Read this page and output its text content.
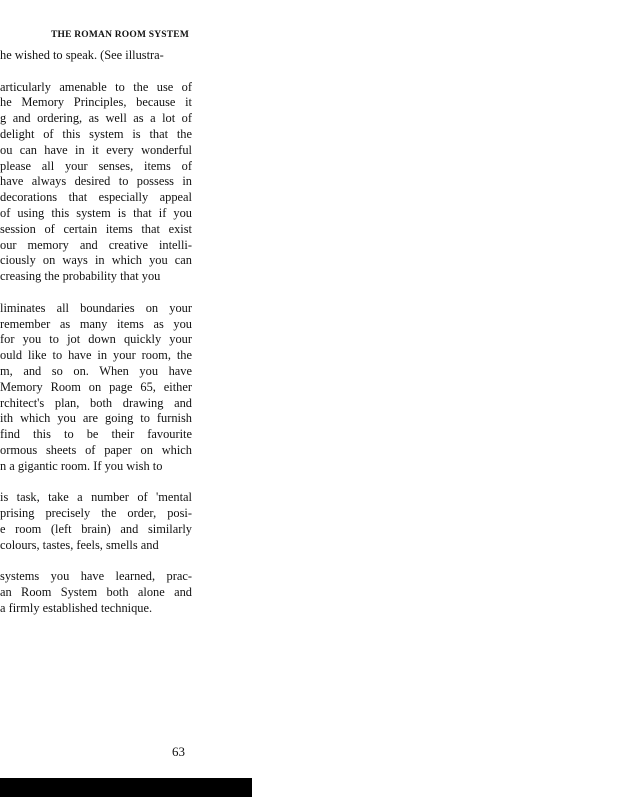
THE ROMAN ROOM SYSTEM
he wished to speak. (See illustra-
articularly amenable to the use of
he Memory Principles, because it
g and ordering, as well as a lot of
delight of this system is that the
ou can have in it every wonderful
please all your senses, items of
have always desired to possess in
decorations that especially appeal
of using this system is that if you
session of certain items that exist
our memory and creative intelli-
ciously on ways in which you can
creasing the probability that you
liminates all boundaries on your
remember as many items as you
for you to jot down quickly your
ould like to have in your room, the
m, and so on. When you have
Memory Room on page 65, either
rchitect's plan, both drawing and
ith which you are going to furnish
find this to be their favourite
ormous sheets of paper on which
n a gigantic room. If you wish to
is task, take a number of 'mental
prising precisely the order, posi-
e room (left brain) and similarly
colours, tastes, feels, smells and
systems you have learned, prac-
an Room System both alone and
a firmly established technique.
63
